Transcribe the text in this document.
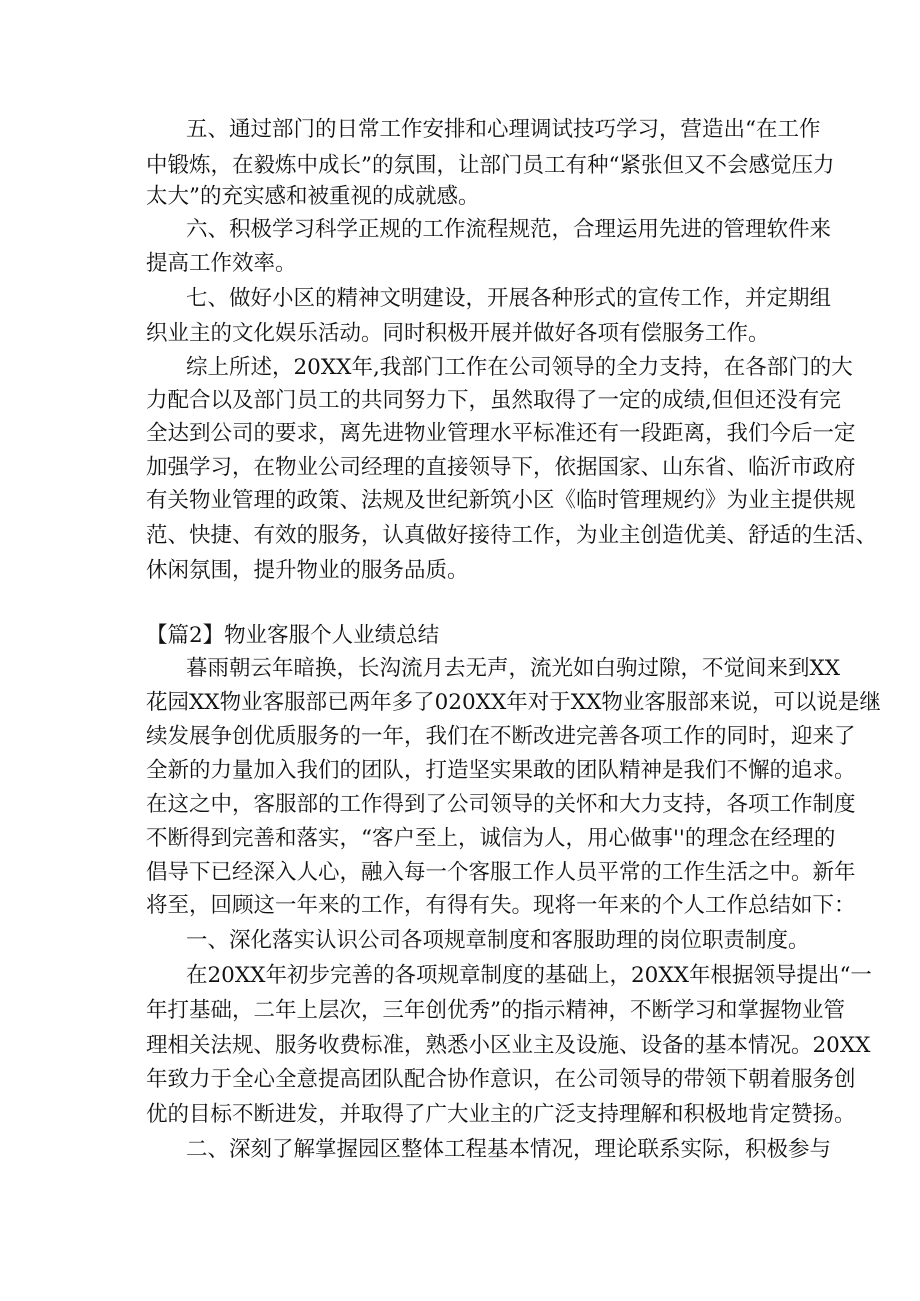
五、通过部门的日常工作安排和心理调试技巧学习，营造出“在工作
中锻炼，在毅炼中成长”的氛围，让部门员工有种“紧张但又不会感觉压力
太大”的充实感和被重视的成就感。
六、积极学习科学正规的工作流程规范，合理运用先进的管理软件来
提高工作效率。
七、做好小区的精神文明建设，开展各种形式的宣传工作，并定期组
织业主的文化娱乐活动。同时积极开展并做好各项有偿服务工作。
综上所述，20XX年,我部门工作在公司领导的全力支持，在各部门的大
力配合以及部门员工的共同努力下，虽然取得了一定的成绩,但但还没有完
全达到公司的要求，离先进物业管理水平标准还有一段距离，我们今后一定
加强学习，在物业公司经理的直接领导下，依据国家、山东省、临沂市政府
有关物业管理的政策、法规及世纪新筑小区《临时管理规约》为业主提供规
范、快捷、有效的服务，认真做好接待工作，为业主创造优美、舒适的生活、
休闲氛围，提升物业的服务品质。
【篇2】物业客服个人业绩总结
暮雨朝云年暗换，长沟流月去无声，流光如白驹过隙，不觉间来到XX
花园XX物业客服部已两年多了020XX年对于XX物业客服部来说，可以说是继
续发展争创优质服务的一年，我们在不断改进完善各项工作的同时，迎来了
全新的力量加入我们的团队，打造坚实果敢的团队精神是我们不懈的追求。
在这之中，客服部的工作得到了公司领导的关怀和大力支持，各项工作制度
不断得到完善和落实，“客户至上，诚信为人，用心做事''的理念在经理的
倡导下已经深入人心，融入每一个客服工作人员平常的工作生活之中。新年
将至，回顾这一年来的工作，有得有失。现将一年来的个人工作总结如下：
一、深化落实认识公司各项规章制度和客服助理的岗位职责制度。
在20XX年初步完善的各项规章制度的基础上，20XX年根据领导提出“一
年打基础，二年上层次，三年创优秀”的指示精神，不断学习和掌握物业管
理相关法规、服务收费标准，熟悉小区业主及设施、设备的基本情况。20XX
年致力于全心全意提高团队配合协作意识，在公司领导的带领下朝着服务创
优的目标不断进发，并取得了广大业主的广泛支持理解和积极地肯定赞扬。
二、深刻了解掌握园区整体工程基本情况，理论联系实际，积极参与
